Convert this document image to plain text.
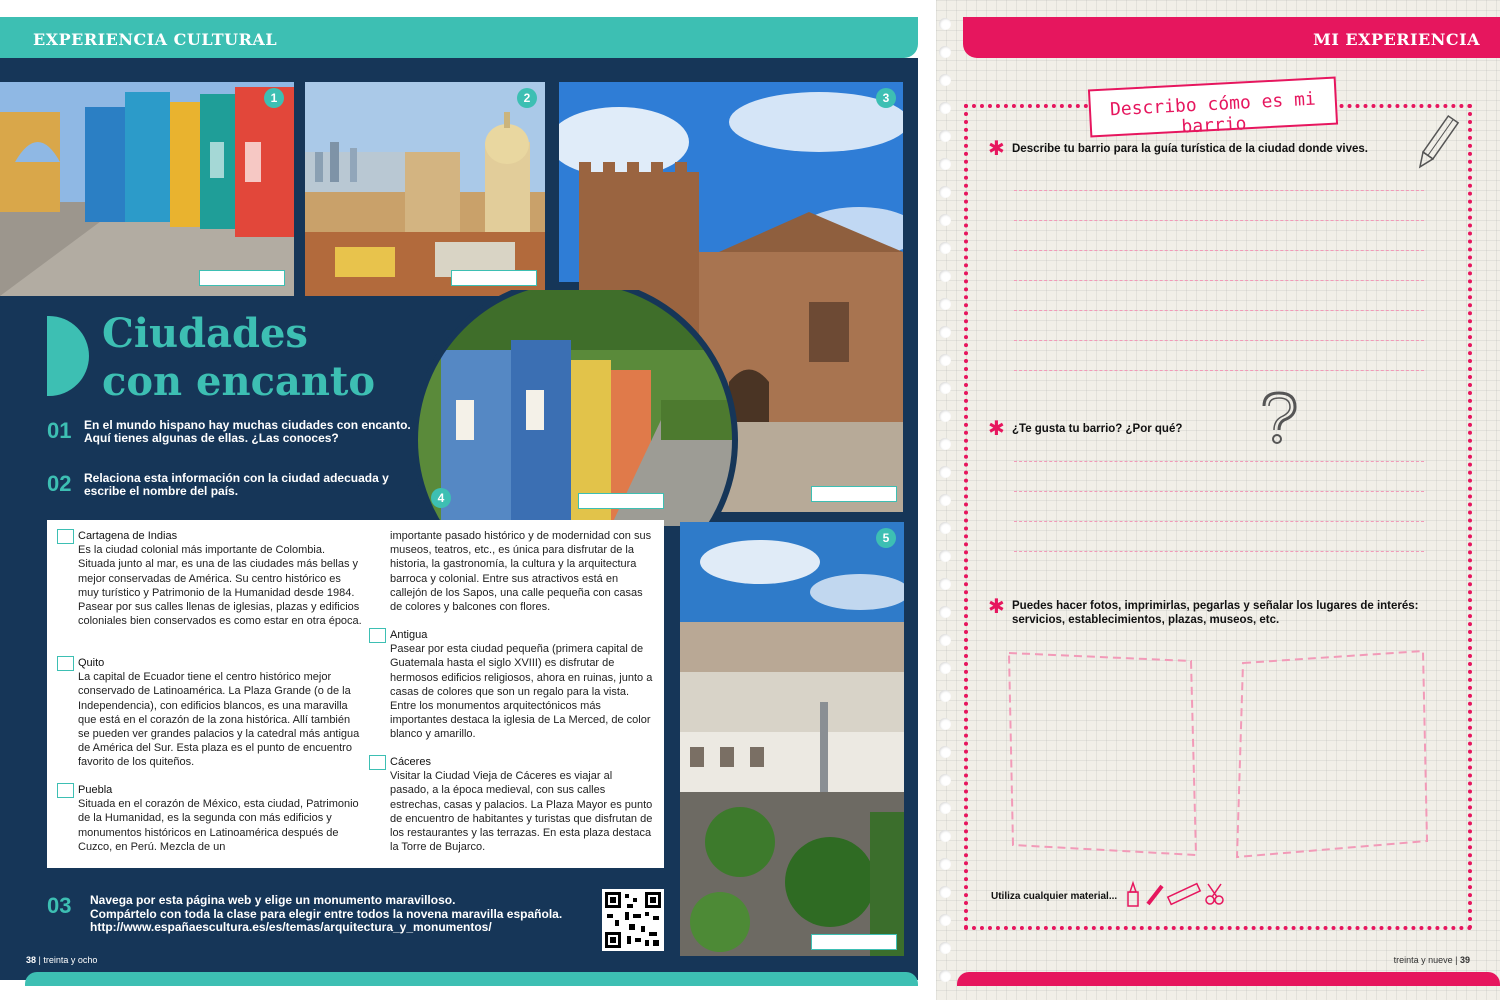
EXPERIENCIA CULTURAL
1	2	3
4
5
Ciudades
con encanto
01 En el mundo hispano hay muchas ciudades con encanto.
Aquí tienes algunas de ellas. ¿Las conoces?
02 Relaciona esta información con la ciudad adecuada y
escribe el nombre del país.
Cartagena de Indias
Es la ciudad colonial más importante de Colombia. Situada junto al mar, es una de las ciudades más bellas y mejor conservadas de América. Su centro histórico es muy turístico y Patrimonio de la Humanidad desde 1984. Pasear por sus calles llenas de iglesias, plazas y edificios coloniales bien conservados es como estar en otra época.
Quito
La capital de Ecuador tiene el centro histórico mejor conservado de Latinoamérica. La Plaza Grande (o de la Independencia), con edificios blancos, es una maravilla que está en el corazón de la zona histórica. Allí también se pueden ver grandes palacios y la catedral más antigua de América del Sur. Esta plaza es el punto de encuentro favorito de los quiteños.
Puebla
Situada en el corazón de México, esta ciudad, Patrimonio de la Humanidad, es la segunda con más edificios y monumentos históricos en Latinoamérica después de Cuzco, en Perú. Mezcla de un
importante pasado histórico y de modernidad con sus museos, teatros, etc., es única para disfrutar de la historia, la gastronomía, la cultura y la arquitectura barroca y colonial. Entre sus atractivos está en callejón de los Sapos, una calle pequeña con casas de colores y balcones con flores.
Antigua
Pasear por esta ciudad pequeña (primera capital de Guatemala hasta el siglo XVIII) es disfrutar de hermosos edificios religiosos, ahora en ruinas, junto a casas de colores que son un regalo para la vista. Entre los monumentos arquitectónicos más importantes destaca la iglesia de La Merced, de color blanco y amarillo.
Cáceres
Visitar la Ciudad Vieja de Cáceres es viajar al pasado, a la época medieval, con sus calles estrechas, casas y palacios. La Plaza Mayor es punto de encuentro de habitantes y turistas que disfrutan de los restaurantes y las terrazas. En esta plaza destaca la Torre de Bujarco.
03 Navega por esta página web y elige un monumento maravilloso.
Compártelo con toda la clase para elegir entre todos la novena maravilla española.
http://www.españaescultura.es/es/temas/arquitectura_y_monumentos/
38 | treinta y ocho
MI EXPERIENCIA
Describo cómo es mi barrio
✱ Describe tu barrio para la guía turística de la ciudad donde vives.
✱ ¿Te gusta tu barrio? ¿Por qué?
✱ Puedes hacer fotos, imprimirlas, pegarlas y señalar los lugares de interés:
servicios, establecimientos, plazas, museos, etc.
Utiliza cualquier material...
treinta y nueve | 39
